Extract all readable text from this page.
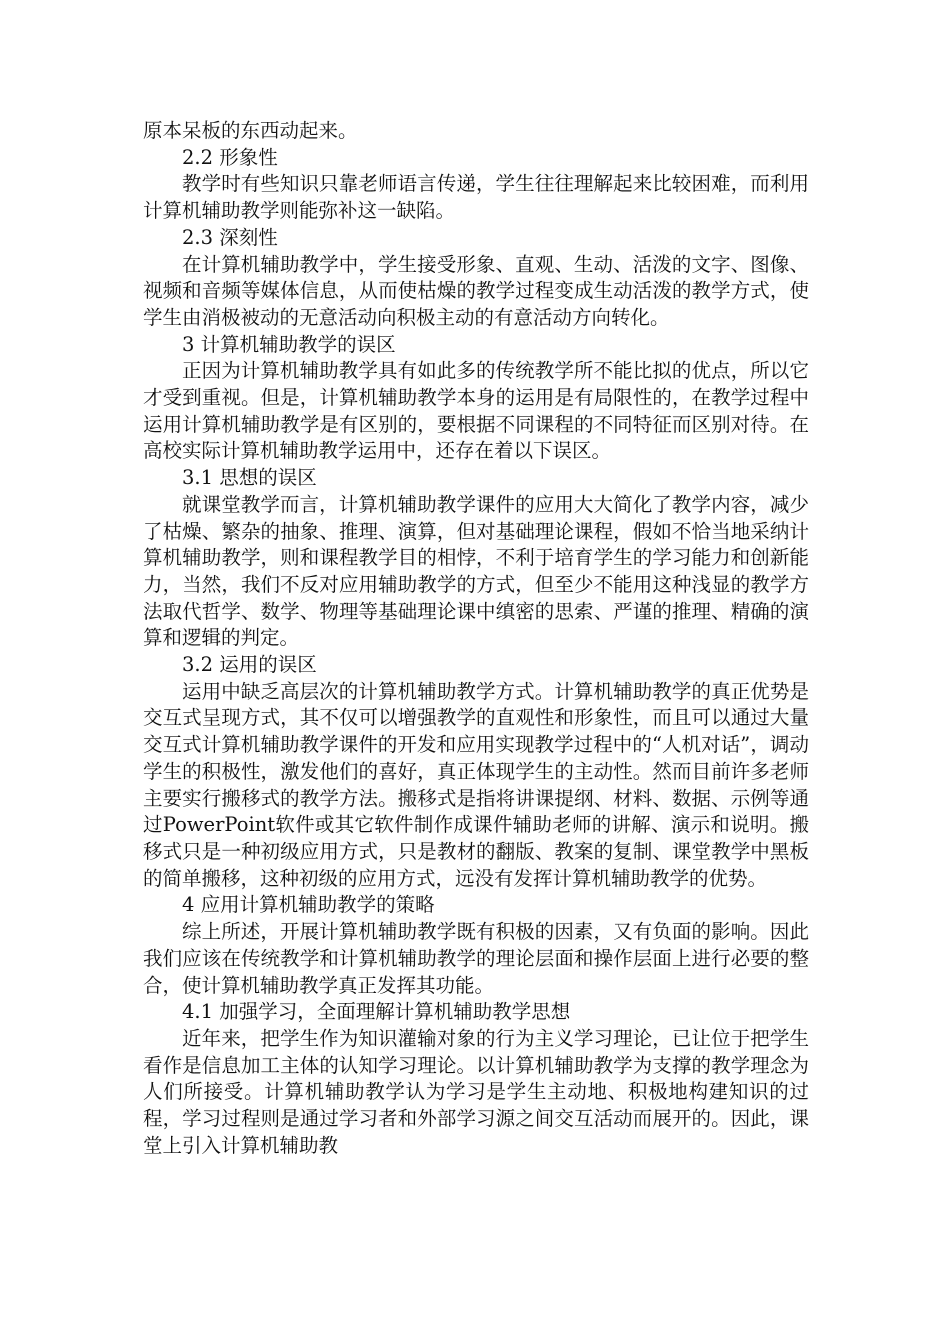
原本呆板的东西动起来。

2.2 形象性

教学时有些知识只靠老师语言传递，学生往往理解起来比较困难，而利用计算机辅助教学则能弥补这一缺陷。

2.3 深刻性

在计算机辅助教学中，学生接受形象、直观、生动、活泼的文字、图像、视频和音频等媒体信息，从而使枯燥的教学过程变成生动活泼的教学方式，使学生由消极被动的无意活动向积极主动的有意活动方向转化。

3 计算机辅助教学的误区

正因为计算机辅助教学具有如此多的传统教学所不能比拟的优点，所以它才受到重视。但是，计算机辅助教学本身的运用是有局限性的，在教学过程中运用计算机辅助教学是有区别的，要根据不同课程的不同特征而区别对待。在高校实际计算机辅助教学运用中，还存在着以下误区。

3.1 思想的误区

就课堂教学而言，计算机辅助教学课件的应用大大简化了教学内容，减少了枯燥、繁杂的抽象、推理、演算，但对基础理论课程，假如不恰当地采纳计算机辅助教学，则和课程教学目的相悖，不利于培育学生的学习能力和创新能力，当然，我们不反对应用辅助教学的方式，但至少不能用这种浅显的教学方法取代哲学、数学、物理等基础理论课中缜密的思索、严谨的推理、精确的演算和逻辑的判定。

3.2 运用的误区

运用中缺乏高层次的计算机辅助教学方式。计算机辅助教学的真正优势是交互式呈现方式，其不仅可以增强教学的直观性和形象性，而且可以通过大量交互式计算机辅助教学课件的开发和应用实现教学过程中的“人机对话”，调动学生的积极性，激发他们的喜好，真正体现学生的主动性。然而目前许多老师主要实行搬移式的教学方法。搬移式是指将讲课提纲、材料、数据、示例等通过PowerPoint软件或其它软件制作成课件辅助老师的讲解、演示和说明。搬移式只是一种初级应用方式，只是教材的翻版、教案的复制、课堂教学中黑板的简单搬移，这种初级的应用方式，远没有发挥计算机辅助教学的优势。

4 应用计算机辅助教学的策略

综上所述，开展计算机辅助教学既有积极的因素，又有负面的影响。因此我们应该在传统教学和计算机辅助教学的理论层面和操作层面上进行必要的整合，使计算机辅助教学真正发挥其功能。

4.1 加强学习，全面理解计算机辅助教学思想

近年来，把学生作为知识灌输对象的行为主义学习理论，已让位于把学生看作是信息加工主体的认知学习理论。以计算机辅助教学为支撑的教学理念为人们所接受。计算机辅助教学认为学习是学生主动地、积极地构建知识的过程，学习过程则是通过学习者和外部学习源之间交互活动而展开的。因此，课堂上引入计算机辅助教
